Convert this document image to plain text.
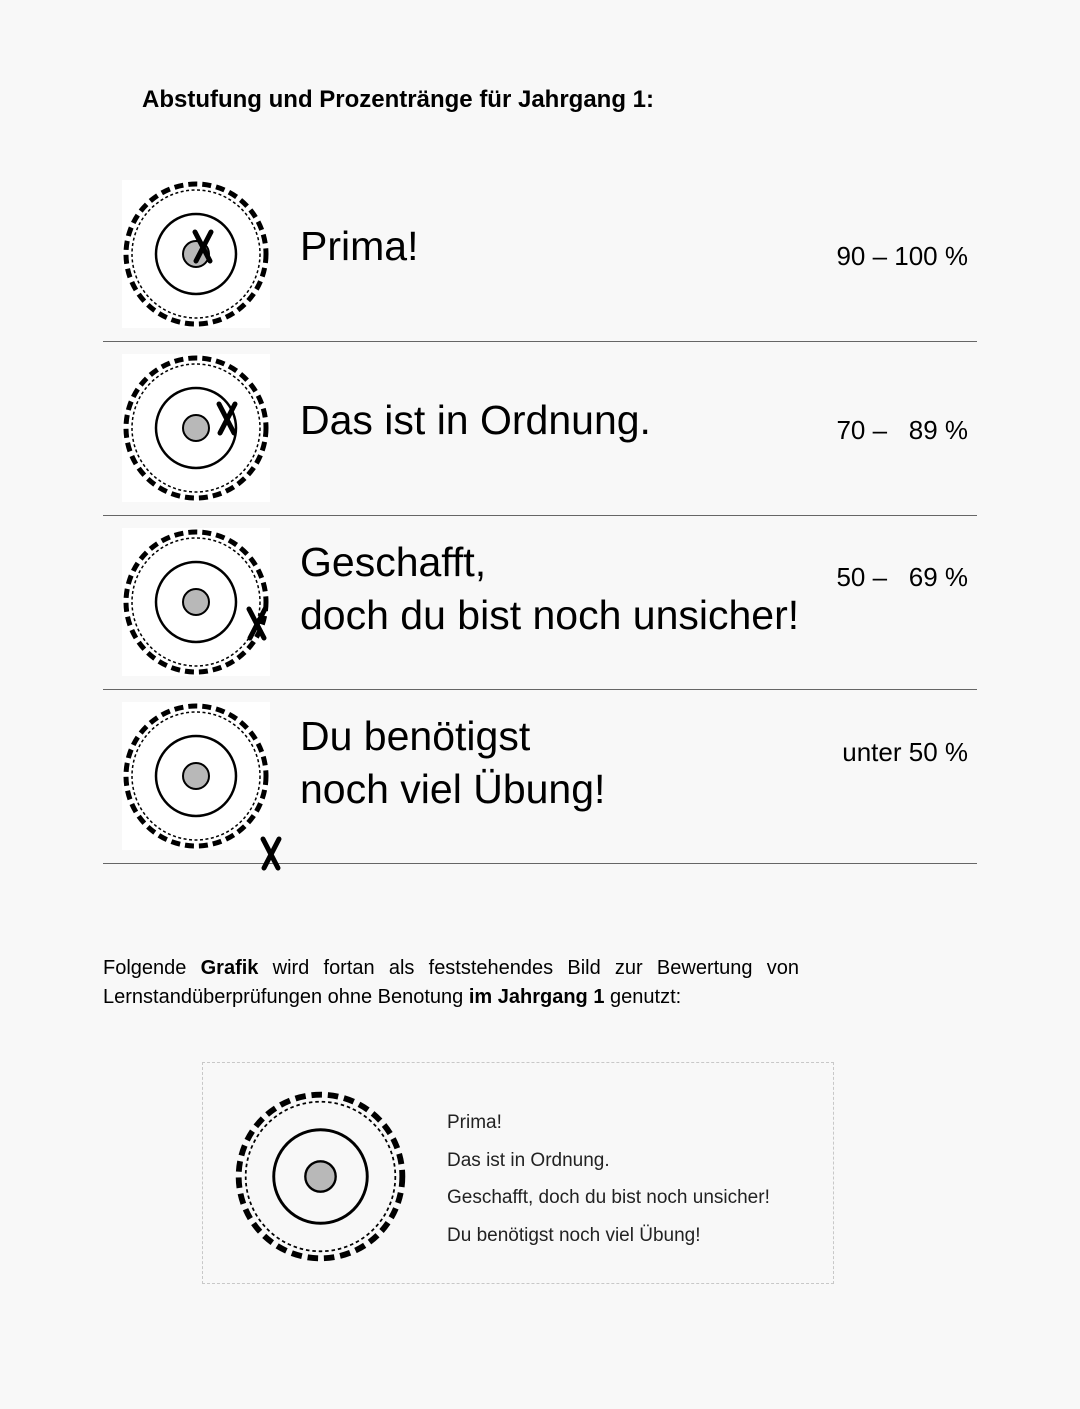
Abstufung und Prozentränge für Jahrgang 1:
Prima!	90 – 100 %
Das ist in Ordnung.	70 –   89 %
Geschafft,
doch du bist noch unsicher!
50 –   69 %
Du benötigst
noch viel Übung!
unter 50 %

Folgende Grafik wird fortan als feststehendes Bild zur Bewertung von Lernstandüberprüfungen ohne Benotung im Jahrgang 1 genutzt:

Prima!
Das ist in Ordnung.
Geschafft, doch du bist noch unsicher!
Du benötigst noch viel Übung!
